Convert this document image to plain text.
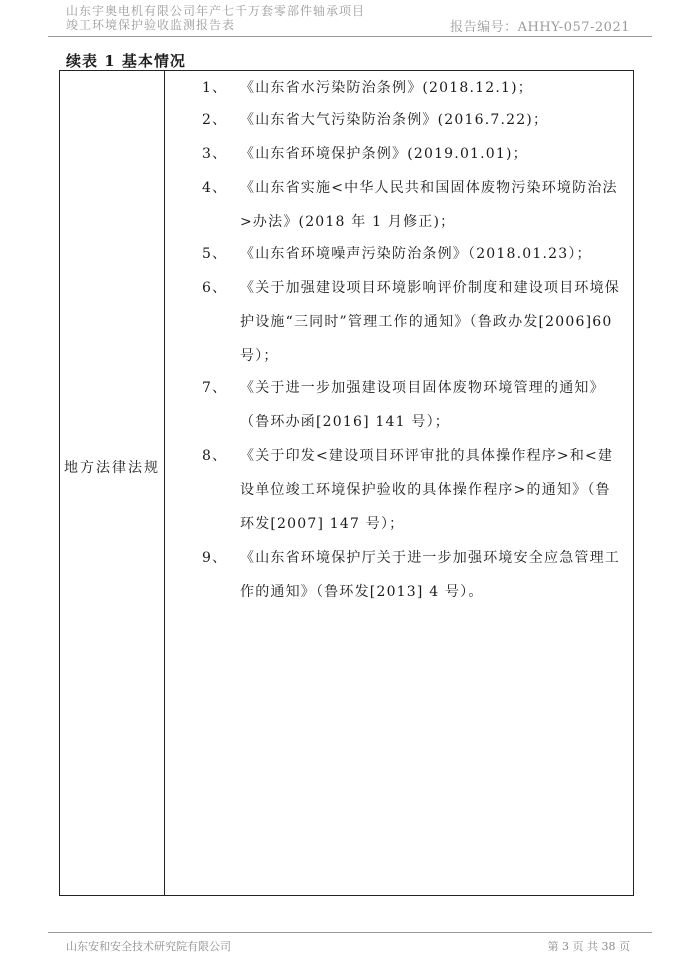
山东宇奥电机有限公司年产七千万套零部件轴承项目
竣工环境保护验收监测报告表	报告编号：AHHY-057-2021
续表 1 基本情况
地方法律法规
1、 《山东省水污染防治条例》(2018.12.1)；
2、 《山东省大气污染防治条例》(2016.7.22)；
3、 《山东省环境保护条例》(2019.01.01)；
4、 《山东省实施<中华人民共和国固体废物污染环境防治法>办法》(2018 年 1 月修正)；
5、 《山东省环境噪声污染防治条例》（2018.01.23）；
6、 《关于加强建设项目环境影响评价制度和建设项目环境保护设施“三同时”管理工作的通知》（鲁政办发[2006]60 号）；
7、 《关于进一步加强建设项目固体废物环境管理的通知》（鲁环办函[2016] 141 号）；
8、 《关于印发<建设项目环评审批的具体操作程序>和<建设单位竣工环境保护验收的具体操作程序>的通知》（鲁环发[2007] 147 号）；
9、 《山东省环境保护厅关于进一步加强环境安全应急管理工作的通知》（鲁环发[2013] 4 号）。
山东安和安全技术研究院有限公司	第 3 页 共 38 页
